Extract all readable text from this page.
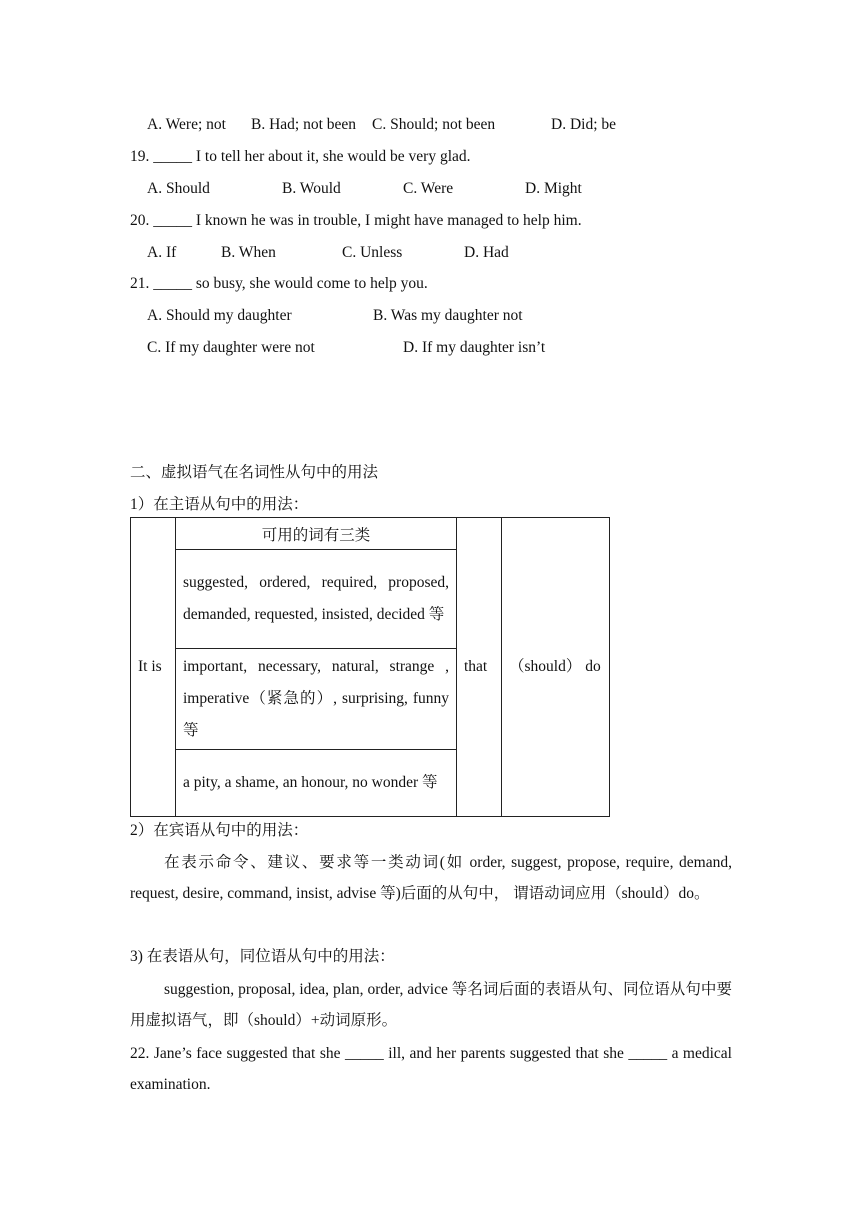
A. Were; not B. Had; not been C. Should; not been	D. Did; be
19. _____ I to tell her about it, she would be very glad.
A. Should	B. Would	C. Were	D. Might
20. _____ I known he was in trouble, I might have managed to help him.
A. If	B. When	C. Unless	D. Had
21. _____ so busy, she would come to help you.
A. Should my daughter	B. Was my daughter not
C. If my daughter were not	D. If my daughter isn’t
二、虚拟语气在名词性从句中的用法
1）在主语从句中的用法：
It is	可用的词有三类	that	（should） do
suggested, ordered, required, proposed, demanded, requested, insisted, decided 等
important, necessary, natural, strange , imperative（紧急的）, surprising, funny 等
a pity, a shame, an honour, no wonder 等
2）在宾语从句中的用法：
在表示命令、建议、要求等一类动词(如 order, suggest, propose, require, demand, request, desire, command, insist, advise 等)后面的从句中， 谓语动词应用（should）do。
3) 在表语从句，同位语从句中的用法：
suggestion, proposal, idea, plan, order, advice 等名词后面的表语从句、同位语从句中要用虚拟语气，即（should）+动词原形。
22. Jane’s face suggested that she _____ ill, and her parents suggested that she _____ a medical examination.
